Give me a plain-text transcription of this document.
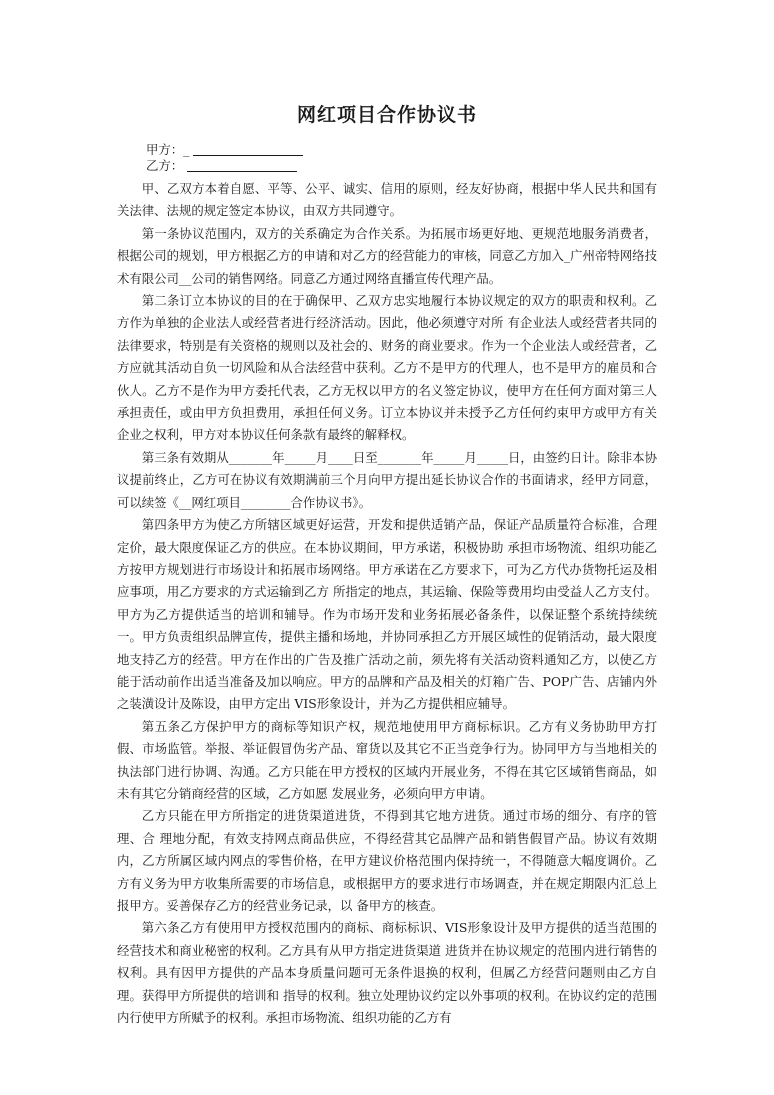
网红项目合作协议书
甲方：_
乙方：

甲、乙双方本着自愿、平等、公平、诚实、信用的原则，经友好协商，根据中华人民共和国有关法律、法规的规定签定本协议，由双方共同遵守。

第一条协议范围内，双方的关系确定为合作关系。为拓展市场更好地、更规范地服务消费者，根据公司的规划，甲方根据乙方的申请和对乙方的经营能力的审核，同意乙方加入_广州帝特网络技术有限公司__公司的销售网络。同意乙方通过网络直播宣传代理产品。

第二条订立本协议的目的在于确保甲、乙双方忠实地履行本协议规定的双方的职责和权利。乙方作为单独的企业法人或经营者进行经济活动。因此，他必须遵守对所 有企业法人或经营者共同的法律要求，特别是有关资格的规则以及社会的、财务的商业要求。作为一个企业法人或经营者，乙方应就其活动自负一切风险和从合法经营中获利。乙方不是甲方的代理人，也不是甲方的雇员和合伙人。乙方不是作为甲方委托代表，乙方无权以甲方的名义签定协议，使甲方在任何方面对第三人承担责任，或由甲方负担费用，承担任何义务。订立本协议并未授予乙方任何约束甲方或甲方有关企业之权利，甲方对本协议任何条款有最终的解释权。

第三条有效期从_______年_____月____日至_______年_____月_____日，由签约日计。除非本协议提前终止，乙方可在协议有效期满前三个月向甲方提出延长协议合作的书面请求，经甲方同意，可以续签《__网红项目________合作协议书》。

第四条甲方为使乙方所辖区域更好运营，开发和提供适销产品，保证产品质量符合标准，合理定价，最大限度保证乙方的供应。在本协议期间，甲方承诺，积极协助 承担市场物流、组织功能乙方按甲方规划进行市场设计和拓展市场网络。甲方承诺在乙方要求下，可为乙方代办货物托运及相应事项，用乙方要求的方式运输到乙方 所指定的地点，其运输、保险等费用均由受益人乙方支付。甲方为乙方提供适当的培训和辅导。作为市场开发和业务拓展必备条件，以保证整个系统持续统一。甲方负责组织品牌宣传，提供主播和场地，并协同承担乙方开展区域性的促销活动，最大限度地支持乙方的经营。甲方在作出的广告及推广活动之前，须先将有关活动资料通知乙方，以使乙方能于活动前作出适当准备及加以响应。甲方的品牌和产品及相关的灯箱广告、POP广告、店铺内外之装潢设计及陈设，由甲方定出 VIS形象设计，并为乙方提供相应辅导。

第五条乙方保护甲方的商标等知识产权，规范地使用甲方商标标识。乙方有义务协助甲方打假、市场监管。举报、举证假冒伪劣产品、窜货以及其它不正当竞争行为。协同甲方与当地相关的执法部门进行协调、沟通。乙方只能在甲方授权的区域内开展业务，不得在其它区域销售商品，如未有其它分销商经营的区域，乙方如愿 发展业务，必须向甲方申请。

乙方只能在甲方所指定的进货渠道进货，不得到其它地方进货。通过市场的细分、有序的管理、合 理地分配，有效支持网点商品供应，不得经营其它品牌产品和销售假冒产品。协议有效期内，乙方所属区域内网点的零售价格，在甲方建议价格范围内保持统一，不得随意大幅度调价。乙方有义务为甲方收集所需要的市场信息，或根据甲方的要求进行市场调查，并在规定期限内汇总上报甲方。妥善保存乙方的经营业务记录，以 备甲方的核查。

第六条乙方有使用甲方授权范围内的商标、商标标识、VIS形象设计及甲方提供的适当范围的经营技术和商业秘密的权利。乙方具有从甲方指定进货渠道 进货并在协议规定的范围内进行销售的权利。具有因甲方提供的产品本身质量问题可无条件退换的权利，但属乙方经营问题则由乙方自理。获得甲方所提供的培训和 指导的权利。独立处理协议约定以外事项的权利。在协议约定的范围内行使甲方所赋予的权利。承担市场物流、组织功能的乙方有
